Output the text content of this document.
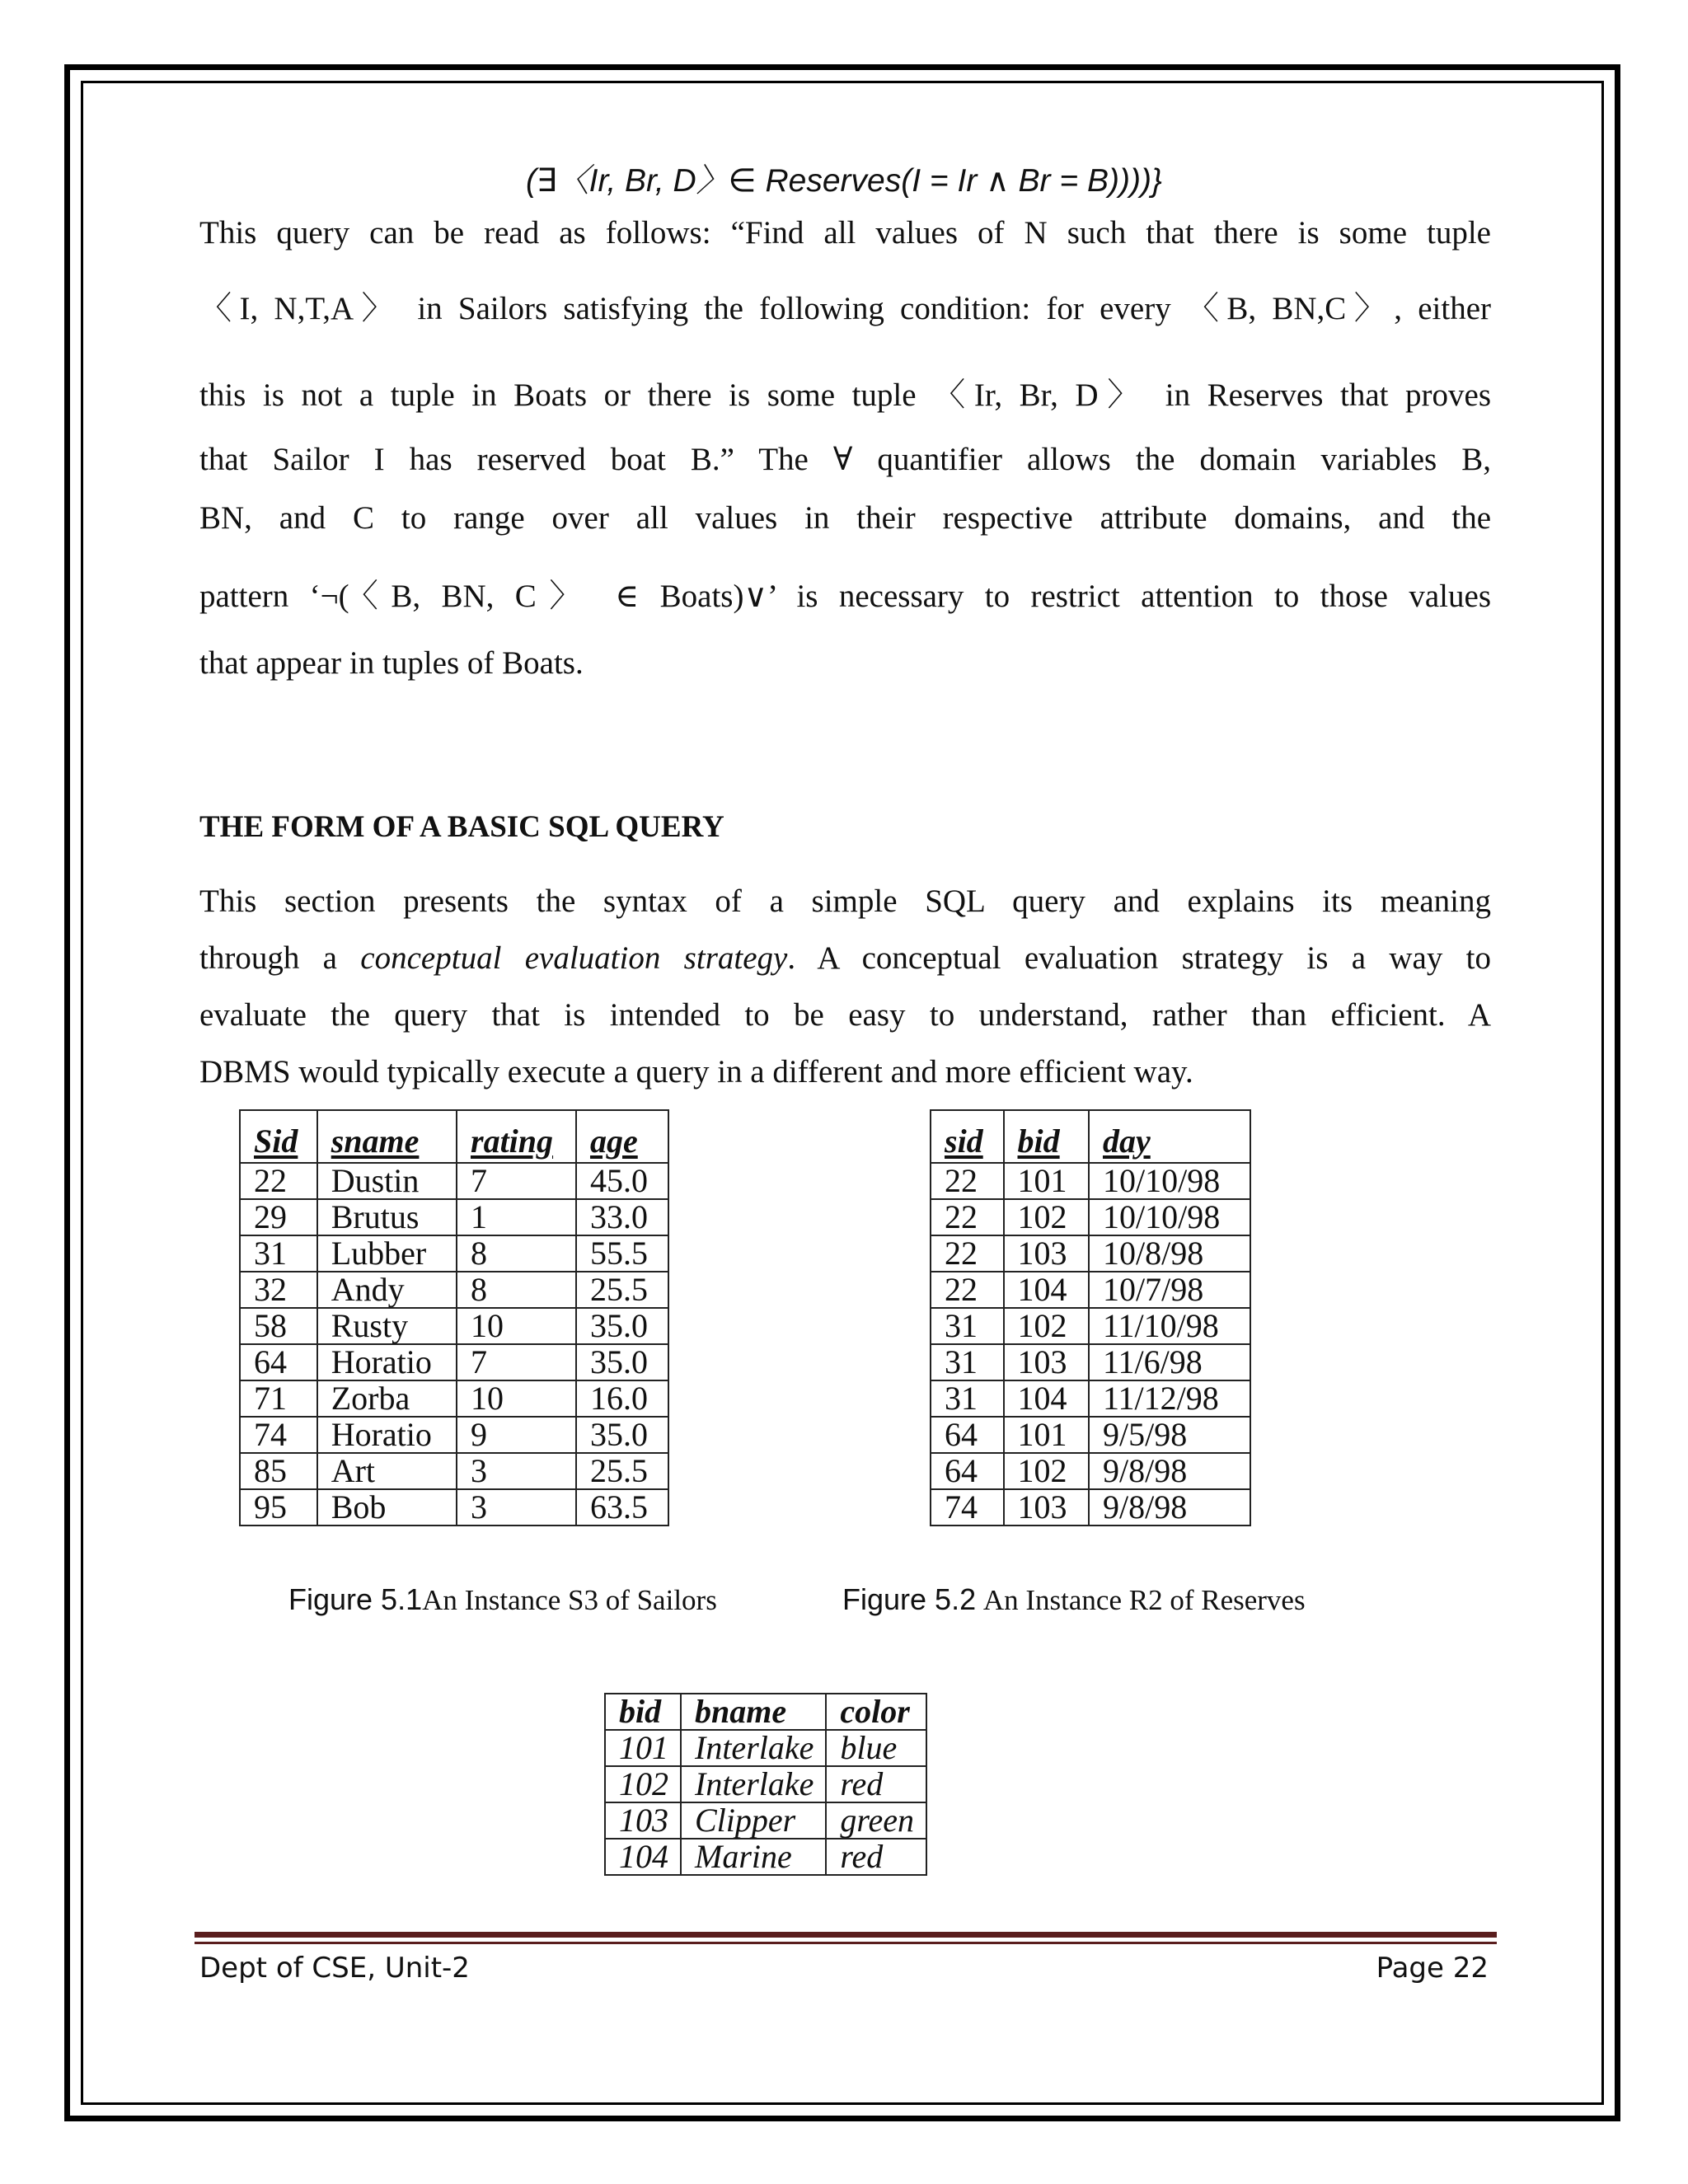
(∃〈Ir, Br, D〉∈ Reserves(I = Ir ∧ Br = B))))}
This query can be read as follows: “Find all values of N such that there is some tuple
〈I, N,T,A〉 in Sailors satisfying the following condition: for every 〈B, BN,C〉, either
this is not a tuple in Boats or there is some tuple 〈Ir, Br, D〉 in Reserves that proves
that Sailor I has reserved boat B.” The ∀ quantifier allows the domain variables B,
BN, and C to range over all values in their respective attribute domains, and the
pattern ‘¬(〈B, BN, C〉 ∈ Boats)∨’ is necessary to restrict attention to those values
that appear in tuples of Boats.
THE FORM OF A BASIC SQL QUERY
This section presents the syntax of a simple SQL query and explains its meaning
through a conceptual evaluation strategy. A conceptual evaluation strategy is a way to
evaluate the query that is intended to be easy to understand, rather than efficient. A
DBMS would typically execute a query in a different and more efficient way.
Sid	sname	rating	age
22	Dustin	7	45.0
29	Brutus	1	33.0
31	Lubber	8	55.5
32	Andy	8	25.5
58	Rusty	10	35.0
64	Horatio	7	35.0
71	Zorba	10	16.0
74	Horatio	9	35.0
85	Art	3	25.5
95	Bob	3	63.5
sid	bid	day
22	101	10/10/98
22	102	10/10/98
22	103	10/8/98
22	104	10/7/98
31	102	11/10/98
31	103	11/6/98
31	104	11/12/98
64	101	9/5/98
64	102	9/8/98
74	103	9/8/98
Figure 5.1An Instance S3 of Sailors	Figure 5.2 An Instance R2 of Reserves
bid	bname	color
101	Interlake	blue
102	Interlake	red
103	Clipper	green
104	Marine	red
Dept of CSE, Unit-2	Page 22
